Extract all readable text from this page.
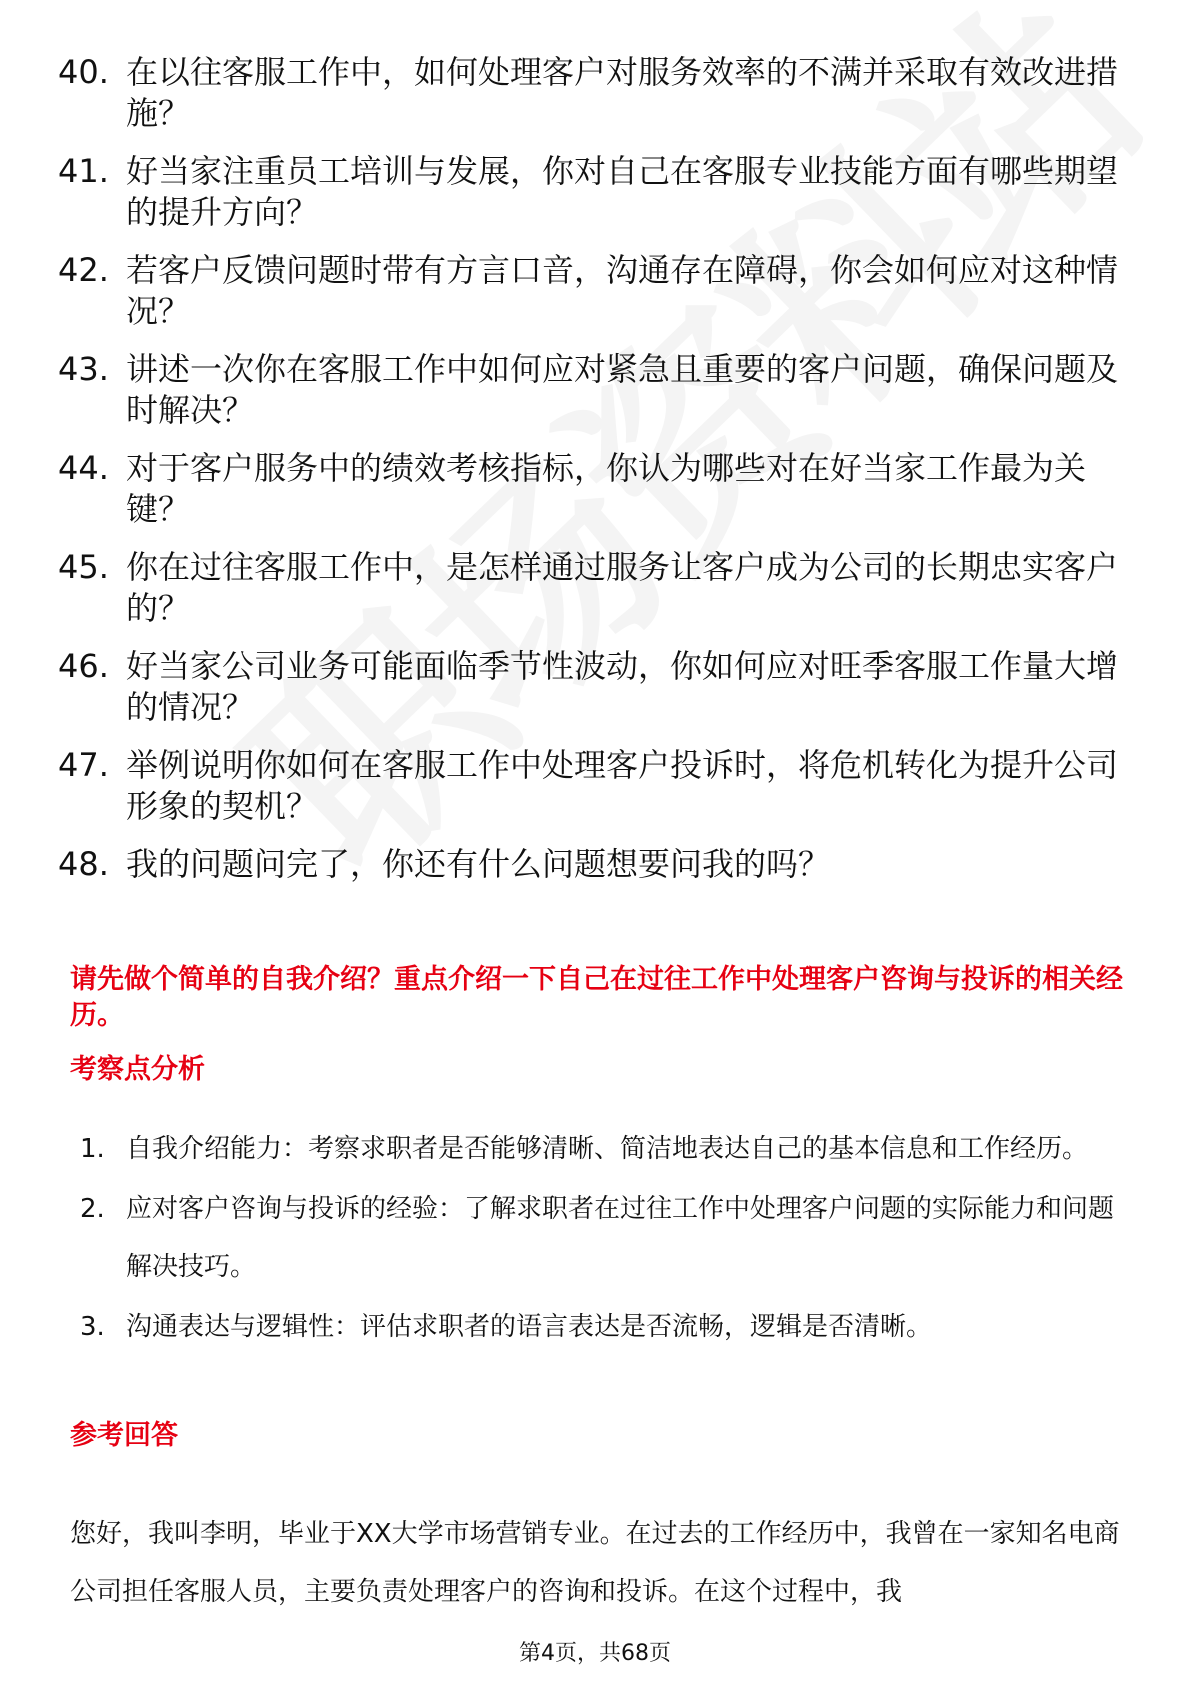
40. 在以往客服工作中，如何处理客户对服务效率的不满并采取有效改进措施？
41. 好当家注重员工培训与发展，你对自己在客服专业技能方面有哪些期望的提升方向？
42. 若客户反馈问题时带有方言口音，沟通存在障碍，你会如何应对这种情况？
43. 讲述一次你在客服工作中如何应对紧急且重要的客户问题，确保问题及时解决？
44. 对于客户服务中的绩效考核指标，你认为哪些对在好当家工作最为关键？
45. 你在过往客服工作中，是怎样通过服务让客户成为公司的长期忠实客户的？
46. 好当家公司业务可能面临季节性波动，你如何应对旺季客服工作量大增的情况？
47. 举例说明你如何在客服工作中处理客户投诉时，将危机转化为提升公司形象的契机？
48. 我的问题问完了，你还有什么问题想要问我的吗？
请先做个简单的自我介绍？重点介绍一下自己在过往工作中处理客户咨询与投诉的相关经历。
考察点分析
1. 自我介绍能力：考察求职者是否能够清晰、简洁地表达自己的基本信息和工作经历。
2. 应对客户咨询与投诉的经验：了解求职者在过往工作中处理客户问题的实际能力和问题解决技巧。
3. 沟通表达与逻辑性：评估求职者的语言表达是否流畅，逻辑是否清晰。
参考回答
您好，我叫李明，毕业于XX大学市场营销专业。在过去的工作经历中，我曾在一家知名电商公司担任客服人员，主要负责处理客户的咨询和投诉。在这个过程中，我
第4页，共68页
